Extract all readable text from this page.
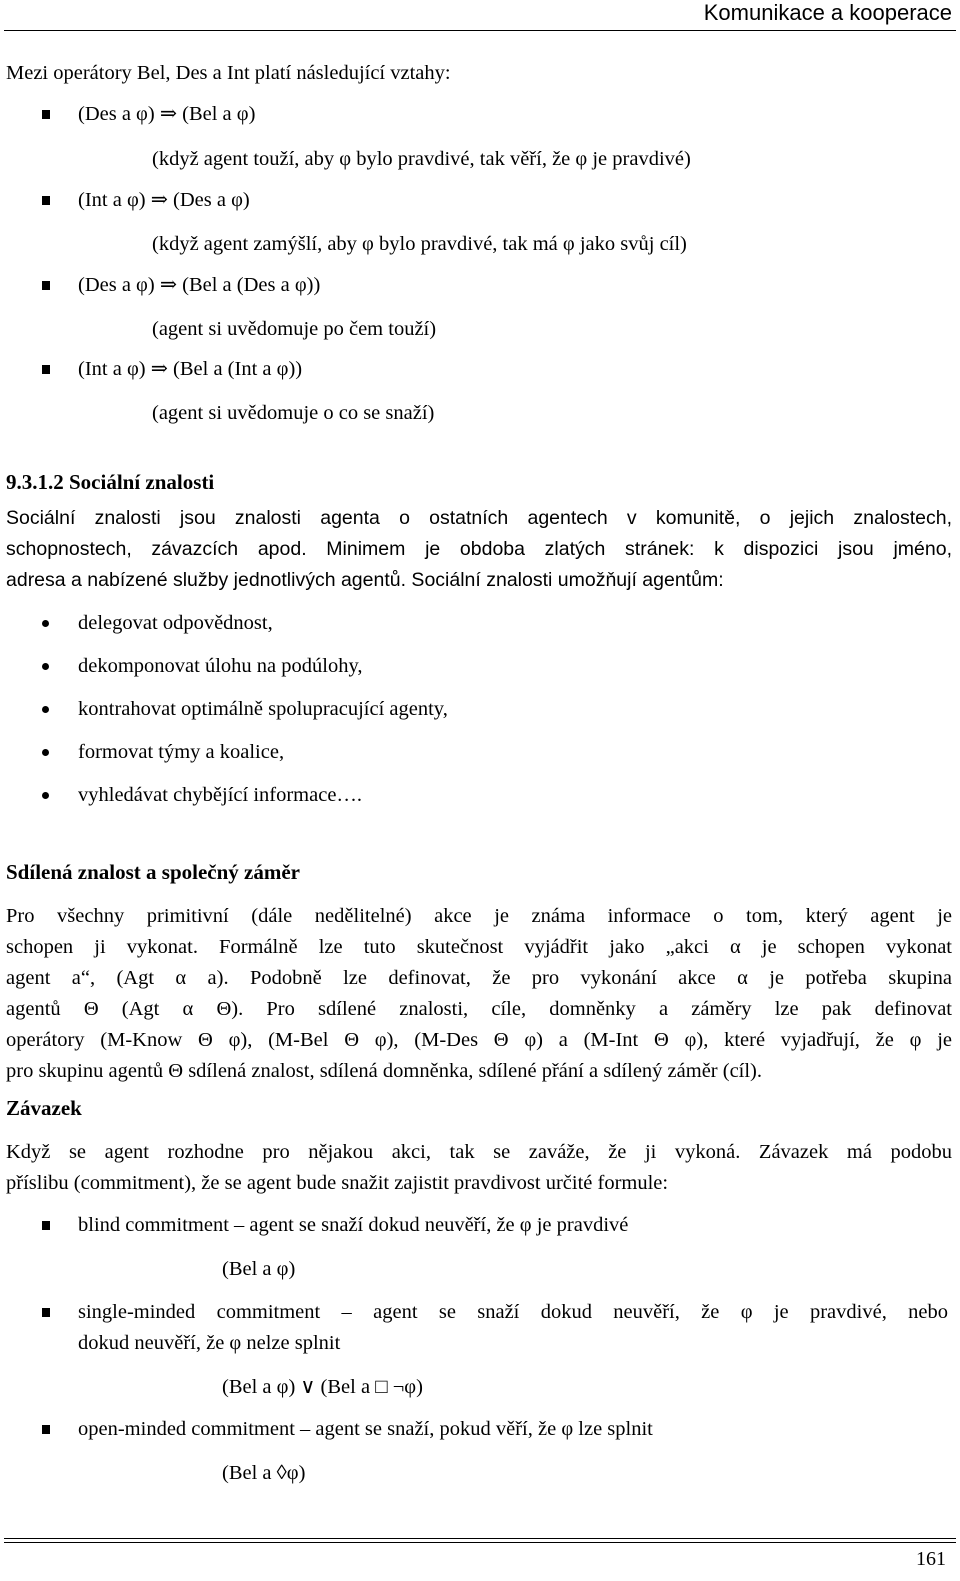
Komunikace a kooperace
Mezi operátory Bel, Des a Int platí následující vztahy:
(Des a φ) ⇒ (Bel a φ)
(když agent touží, aby φ bylo pravdivé, tak věří, že φ je pravdivé)
(Int a φ) ⇒ (Des a φ)
(když agent zamýšlí, aby φ bylo pravdivé, tak má φ jako svůj cíl)
(Des a φ) ⇒ (Bel a (Des a φ))
(agent si uvědomuje po čem touží)
(Int a φ) ⇒ (Bel a (Int a φ))
(agent si uvědomuje o co se snaží)
9.3.1.2 Sociální znalosti
Sociální znalosti jsou znalosti agenta o ostatních agentech v komunitě, o jejich znalostech,
schopnostech, závazcích apod. Minimem je obdoba zlatých stránek: k dispozici jsou jméno,
adresa a nabízené služby jednotlivých agentů. Sociální znalosti umožňují agentům:
delegovat odpovědnost,
dekomponovat úlohu na podúlohy,
kontrahovat optimálně spolupracující agenty,
formovat týmy a koalice,
vyhledávat chybějící informace….
Sdílená znalost a společný záměr
Pro všechny primitivní (dále nedělitelné) akce je známa informace o tom, který agent je
schopen ji vykonat. Formálně lze tuto skutečnost vyjádřit jako „akci α je schopen vykonat
agent a“, (Agt α a). Podobně lze definovat, že pro vykonání akce α je potřeba skupina
agentů Θ (Agt α Θ). Pro sdílené znalosti, cíle, domněnky a záměry lze pak definovat
operátory (M-Know Θ φ), (M-Bel Θ φ), (M-Des Θ φ) a (M-Int Θ φ), které vyjadřují, že φ je
pro skupinu agentů Θ sdílená znalost, sdílená domněnka, sdílené přání a sdílený záměr (cíl).
Závazek
Když se agent rozhodne pro nějakou akci, tak se zaváže, že ji vykoná. Závazek má podobu
příslibu (commitment), že se agent bude snažit zajistit pravdivost určité formule:
blind commitment – agent se snaží dokud neuvěří, že φ je pravdivé
(Bel a φ)
single-minded commitment – agent se snaží dokud neuvěří, že φ je pravdivé, nebo
dokud neuvěří, že φ nelze splnit
(Bel a φ) ∨ (Bel a □ ¬φ)
open-minded commitment – agent se snaží, pokud věří, že φ lze splnit
(Bel a ◊φ)
161
